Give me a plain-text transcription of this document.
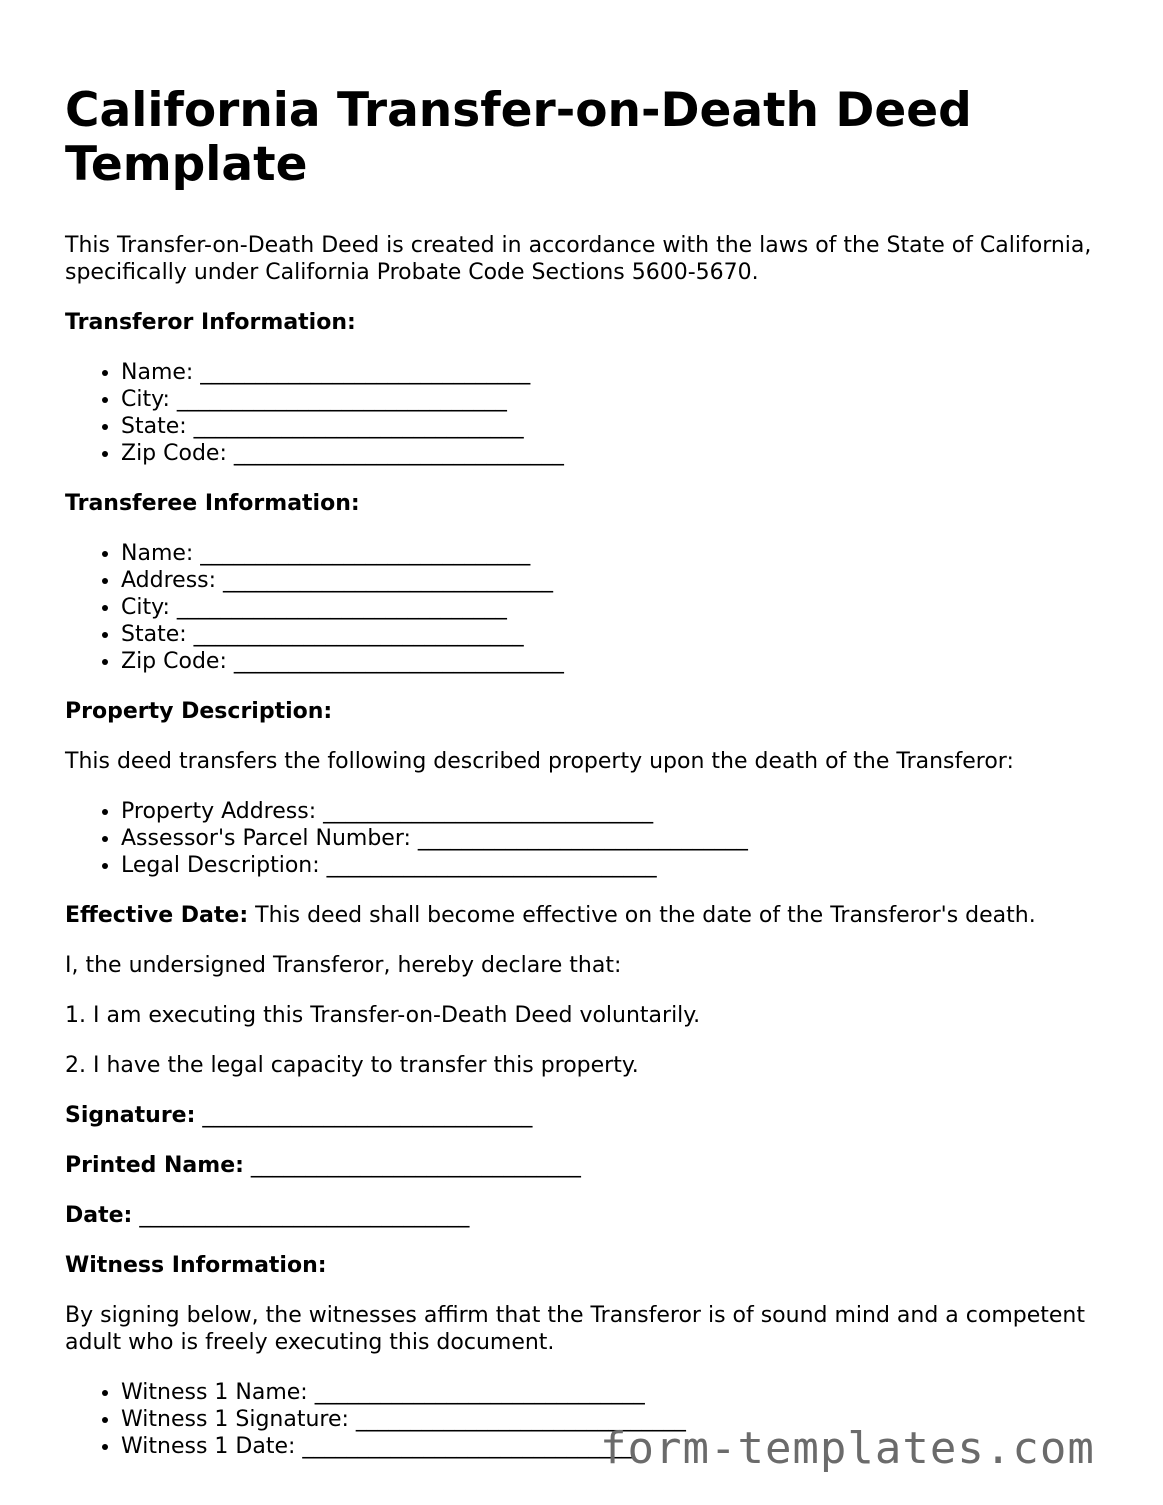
California Transfer-on-Death Deed Template

This Transfer-on-Death Deed is created in accordance with the laws of the State of California, specifically under California Probate Code Sections 5600-5670.

Transferor Information:

• Name: ______________________________
• City: ______________________________
• State: ______________________________
• Zip Code: ______________________________

Transferee Information:

• Name: ______________________________
• Address: ______________________________
• City: ______________________________
• State: ______________________________
• Zip Code: ______________________________

Property Description:

This deed transfers the following described property upon the death of the Transferor:

• Property Address: ______________________________
• Assessor's Parcel Number: ______________________________
• Legal Description: ______________________________

Effective Date: This deed shall become effective on the date of the Transferor's death.

I, the undersigned Transferor, hereby declare that:

1. I am executing this Transfer-on-Death Deed voluntarily.

2. I have the legal capacity to transfer this property.

Signature: ______________________________

Printed Name: ______________________________

Date: ______________________________

Witness Information:

By signing below, the witnesses affirm that the Transferor is of sound mind and a competent adult who is freely executing this document.

• Witness 1 Name: ______________________________
• Witness 1 Signature: ______________________________
• Witness 1 Date: ______________________________
form-templates.com
